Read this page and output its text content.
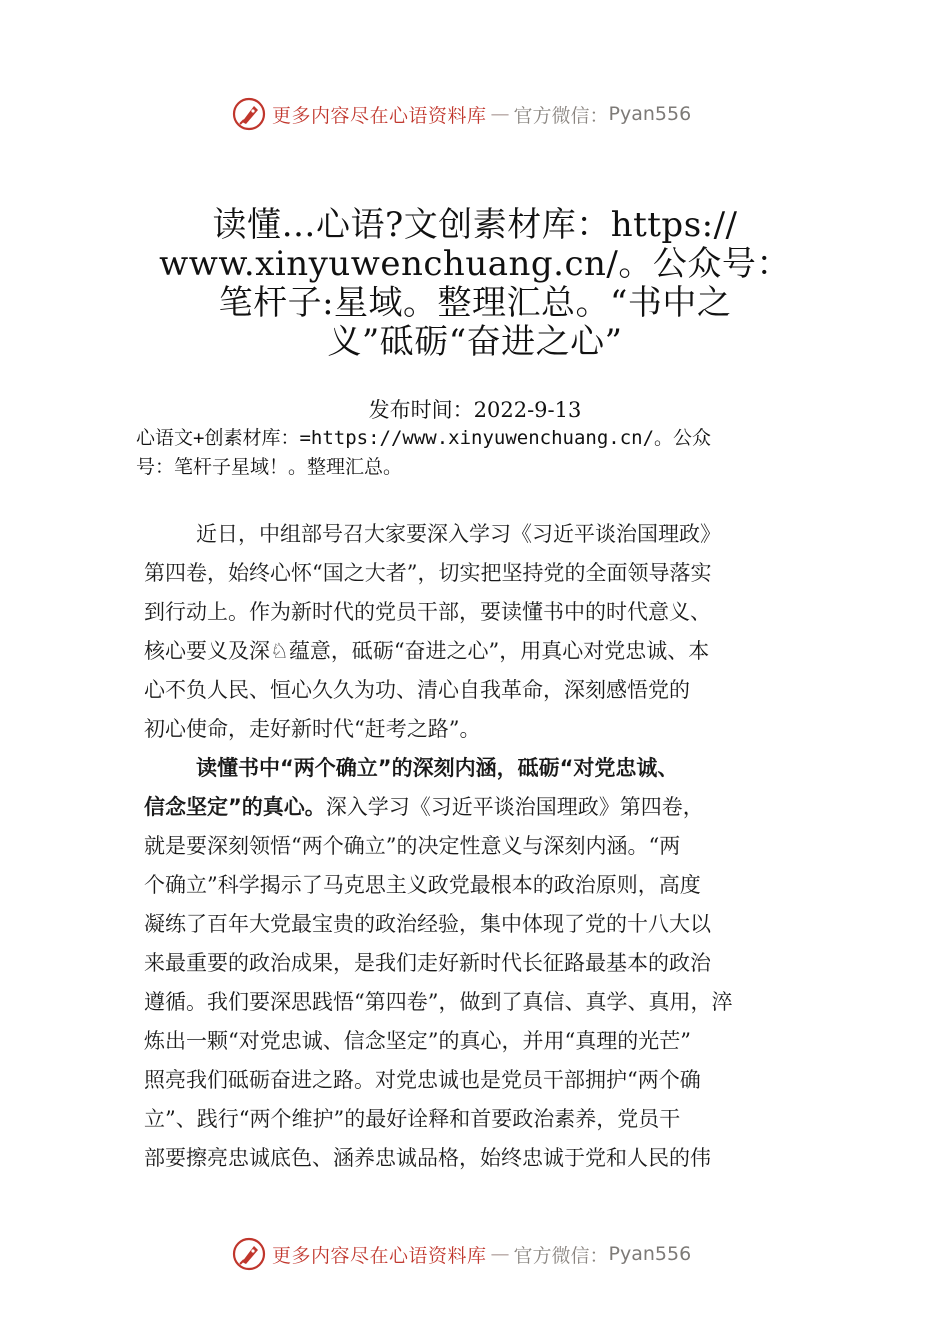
更多内容尽在心语资料库 — 官方微信： Pyan556
读懂…心语?文创素材库：https://
www.xinyuwenchuang.cn/。公众号：
笔杆子:星域。整理汇总。“书中之
义”砥砺“奋进之心”
发布时间：2022-9-13
心语文+创素材库：=https://www.xinyuwenchuang.cn/。公众
号：笔杆子星域！。整理汇总。
近日，中组部号召大家要深入学习《习近平谈治国理政》
第四卷，始终心怀“国之大者”，切实把坚持党的全面领导落实
到行动上。作为新时代的党员干部，要读懂书中的时代意义、
核心要义及深♘蕴意，砥砺“奋进之心”，用真心对党忠诚、本
心不负人民、恒心久久为功、清心自我革命，深刻感悟党的
初心使命，走好新时代“赶考之路”。
读懂书中“两个确立”的深刻内涵，砥砺“对党忠诚、
信念坚定”的真心。深入学习《习近平谈治国理政》第四卷，
就是要深刻领悟“两个确立”的决定性意义与深刻内涵。“两
个确立”科学揭示了马克思主义政党最根本的政治原则，高度
凝练了百年大党最宝贵的政治经验，集中体现了党的十八大以
来最重要的政治成果，是我们走好新时代长征路最基本的政治
遵循。我们要深思践悟“第四卷”，做到了真信、真学、真用，淬
炼出一颗“对党忠诚、信念坚定”的真心，并用“真理的光芒”
照亮我们砥砺奋进之路。对党忠诚也是党员干部拥护“两个确
立”、践行“两个维护”的最好诠释和首要政治素养，党员干
部要擦亮忠诚底色、涵养忠诚品格，始终忠诚于党和人民的伟
更多内容尽在心语资料库 — 官方微信： Pyan556
